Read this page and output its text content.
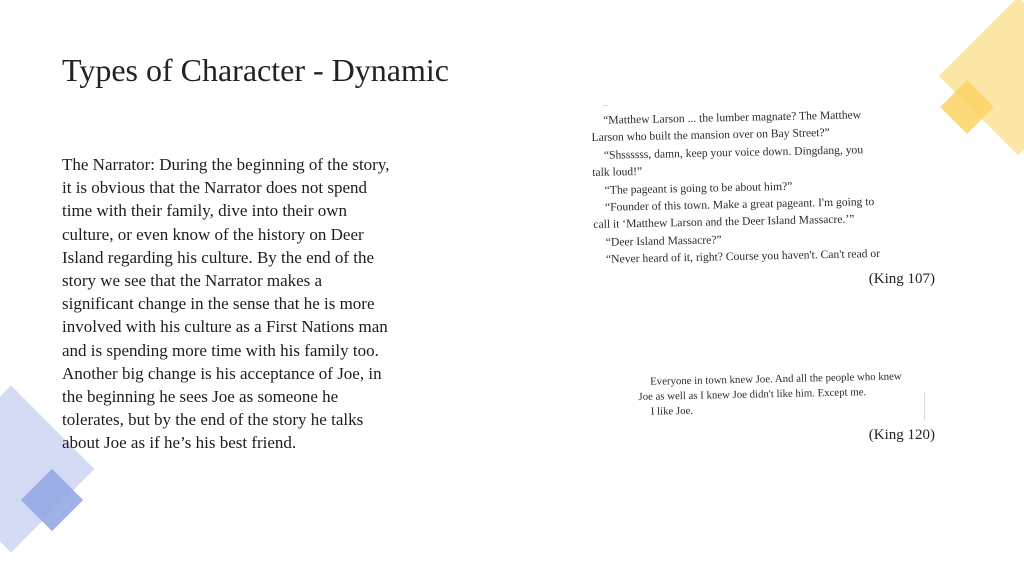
Types of Character - Dynamic

The Narrator: During the beginning of the story, it is obvious that the Narrator does not spend time with their family, dive into their own culture, or even know of the history on Deer Island regarding his culture. By the end of the story we see that the Narrator makes a significant change in the sense that he is more involved with his culture as a First Nations man and is spending more time with his family too. Another big change is his acceptance of Joe, in the beginning he sees Joe as someone he tolerates, but by the end of the story he talks about Joe as if he’s his best friend.

“Matthew Larson ... the lumber magnate? The Matthew
Larson who built the mansion over on Bay Street?”
“Shssssss, damn, keep your voice down. Dingdang, you
talk loud!”
“The pageant is going to be about him?”
“Founder of this town. Make a great pageant. I'm going to
call it ‘Matthew Larson and the Deer Island Massacre.’”
“Deer Island Massacre?”
“Never heard of it, right? Course you haven't. Can't read or
(King 107)
Everyone in town knew Joe. And all the people who knew
Joe as well as I knew Joe didn't like him. Except me.
I like Joe.
(King 120)
